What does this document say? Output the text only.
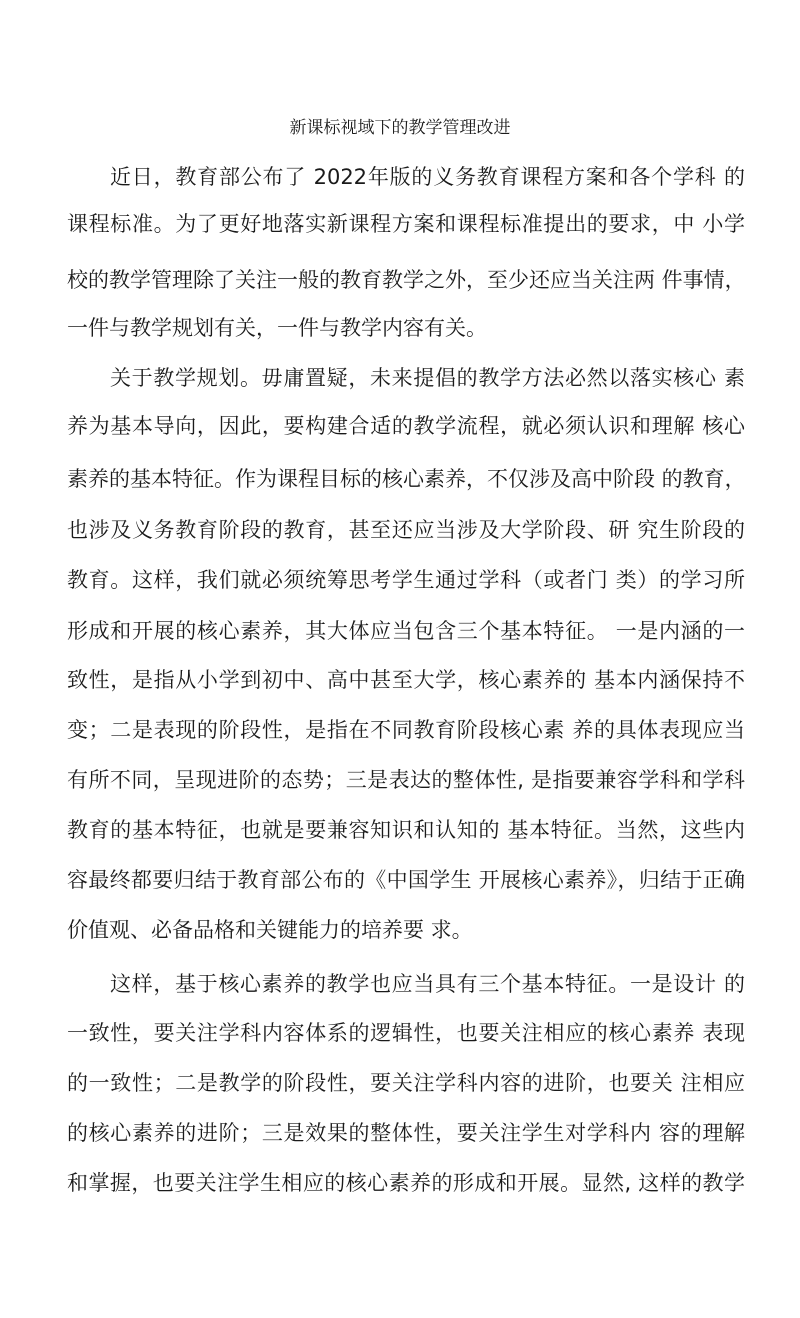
新课标视域下的教学管理改进
近日，教育部公布了 2022年版的义务教育课程方案和各个学科 的
课程标准。为了更好地落实新课程方案和课程标准提出的要求，中 小学
校的教学管理除了关注一般的教育教学之外，至少还应当关注两 件事情，
一件与教学规划有关，一件与教学内容有关。
关于教学规划。毋庸置疑，未来提倡的教学方法必然以落实核心 素
养为基本导向，因此，要构建合适的教学流程，就必须认识和理解 核心
素养的基本特征。作为课程目标的核心素养，不仅涉及高中阶段 的教育，
也涉及义务教育阶段的教育，甚至还应当涉及大学阶段、研 究生阶段的
教育。这样，我们就必须统筹思考学生通过学科（或者门 类）的学习所
形成和开展的核心素养，其大体应当包含三个基本特征。 一是内涵的一
致性，是指从小学到初中、高中甚至大学，核心素养的 基本内涵保持不
变；二是表现的阶段性，是指在不同教育阶段核心素 养的具体表现应当
有所不同，呈现进阶的态势；三是表达的整体性, 是指要兼容学科和学科
教育的基本特征，也就是要兼容知识和认知的 基本特征。当然，这些内
容最终都要归结于教育部公布的《中国学生 开展核心素养》，归结于正确
价值观、必备品格和关键能力的培养要 求。
这样，基于核心素养的教学也应当具有三个基本特征。一是设计 的
一致性，要关注学科内容体系的逻辑性，也要关注相应的核心素养 表现
的一致性；二是教学的阶段性，要关注学科内容的进阶，也要关 注相应
的核心素养的进阶；三是效果的整体性，要关注学生对学科内 容的理解
和掌握，也要关注学生相应的核心素养的形成和开展。显然, 这样的教学
